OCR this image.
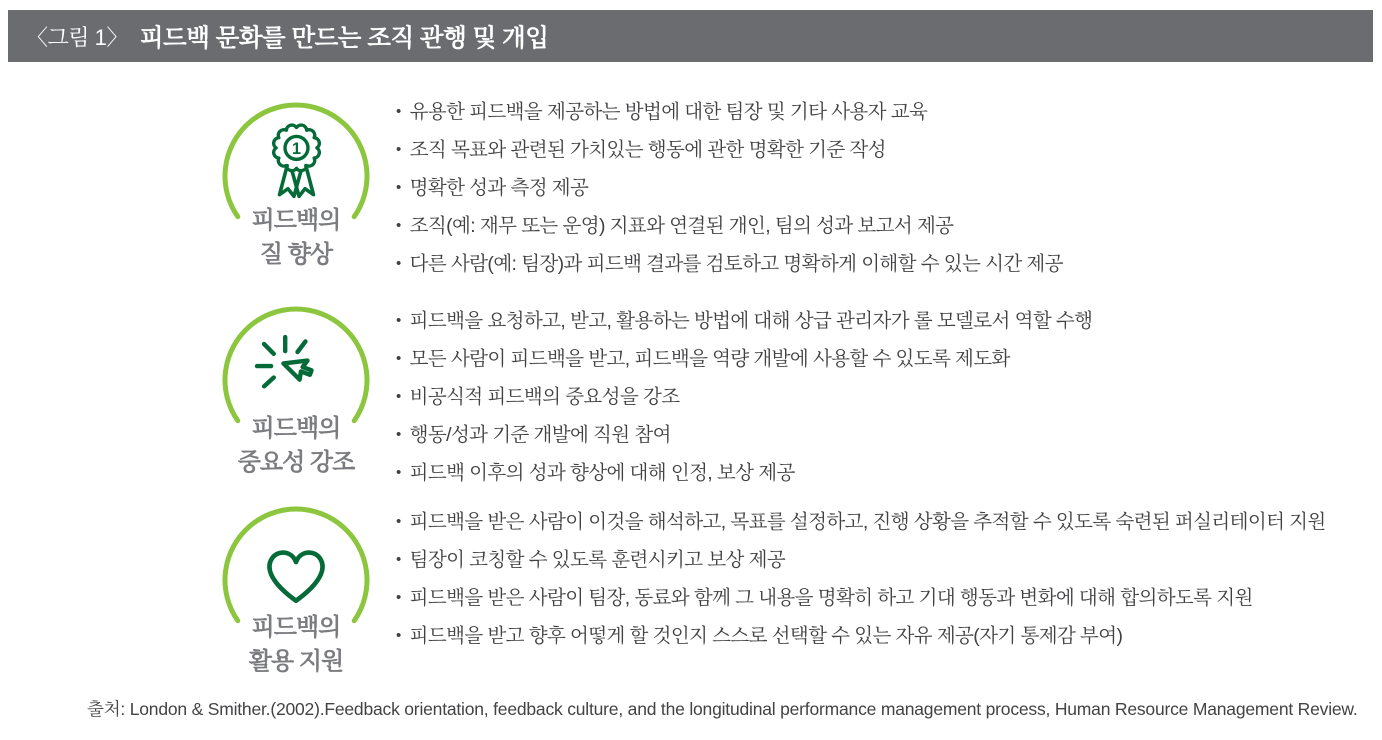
〈그림 1〉 피드백 문화를 만드는 조직 관행 및 개입
1
피드백의
질 향상
• 유용한 피드백을 제공하는 방법에 대한 팀장 및 기타 사용자 교육
• 조직 목표와 관련된 가치있는 행동에 관한 명확한 기준 작성
• 명확한 성과 측정 제공
• 조직(예: 재무 또는 운영) 지표와 연결된 개인, 팀의 성과 보고서 제공
• 다른 사람(예: 팀장)과 피드백 결과를 검토하고 명확하게 이해할 수 있는 시간 제공
피드백의
중요성 강조
• 피드백을 요청하고, 받고, 활용하는 방법에 대해 상급 관리자가 롤 모델로서 역할 수행
• 모든 사람이 피드백을 받고, 피드백을 역량 개발에 사용할 수 있도록 제도화
• 비공식적 피드백의 중요성을 강조
• 행동/성과 기준 개발에 직원 참여
• 피드백 이후의 성과 향상에 대해 인정, 보상 제공
피드백의
활용 지원
• 피드백을 받은 사람이 이것을 해석하고, 목표를 설정하고, 진행 상황을 추적할 수 있도록 숙련된 퍼실리테이터 지원
• 팀장이 코칭할 수 있도록 훈련시키고 보상 제공
• 피드백을 받은 사람이 팀장, 동료와 함께 그 내용을 명확히 하고 기대 행동과 변화에 대해 합의하도록 지원
• 피드백을 받고 향후 어떻게 할 것인지 스스로 선택할 수 있는 자유 제공(자기 통제감 부여)
출처: London & Smither.(2002).Feedback orientation, feedback culture, and the longitudinal performance management process, Human Resource Management Review.
